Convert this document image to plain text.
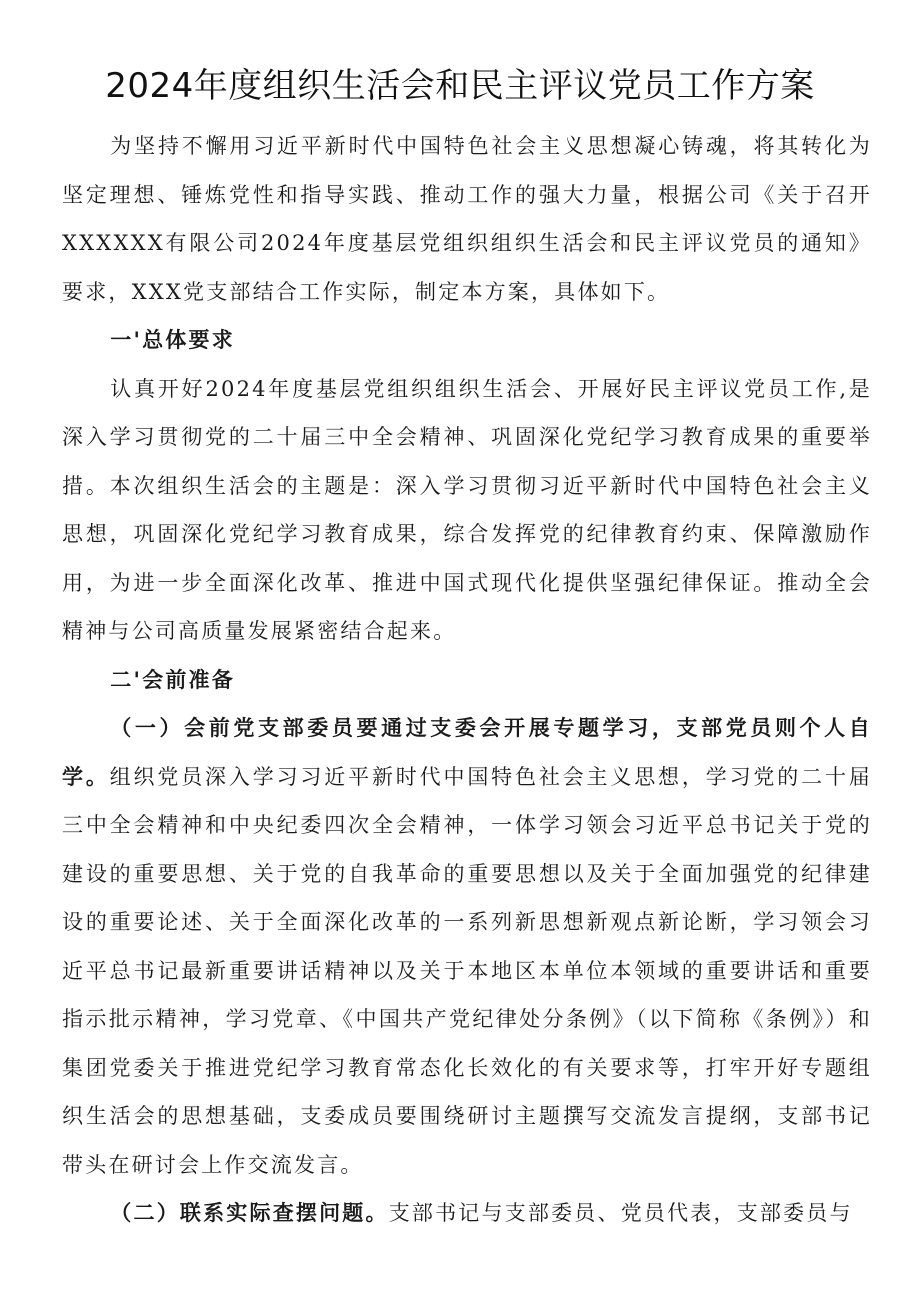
2024年度组织生活会和民主评议党员工作方案

为坚持不懈用习近平新时代中国特色社会主义思想凝心铸魂，将其转化为坚定理想、锤炼党性和指导实践、推动工作的强大力量，根据公司《关于召开XXXXXX有限公司2024年度基层党组织组织生活会和民主评议党员的通知》要求，XXX党支部结合工作实际，制定本方案，具体如下。

一'总体要求

认真开好2024年度基层党组织组织生活会、开展好民主评议党员工作,是深入学习贯彻党的二十届三中全会精神、巩固深化党纪学习教育成果的重要举措。本次组织生活会的主题是：深入学习贯彻习近平新时代中国特色社会主义思想，巩固深化党纪学习教育成果，综合发挥党的纪律教育约束、保障激励作用，为进一步全面深化改革、推进中国式现代化提供坚强纪律保证。推动全会精神与公司高质量发展紧密结合起来。

二'会前准备

（一）会前党支部委员要通过支委会开展专题学习，支部党员则个人自学。组织党员深入学习习近平新时代中国特色社会主义思想，学习党的二十届三中全会精神和中央纪委四次全会精神，一体学习领会习近平总书记关于党的建设的重要思想、关于党的自我革命的重要思想以及关于全面加强党的纪律建设的重要论述、关于全面深化改革的一系列新思想新观点新论断，学习领会习近平总书记最新重要讲话精神以及关于本地区本单位本领域的重要讲话和重要指示批示精神，学习党章、《中国共产党纪律处分条例》（以下简称《条例》）和集团党委关于推进党纪学习教育常态化长效化的有关要求等，打牢开好专题组织生活会的思想基础，支委成员要围绕研讨主题撰写交流发言提纲，支部书记带头在研讨会上作交流发言。

（二）联系实际查摆问题。支部书记与支部委员、党员代表，支部委员与
